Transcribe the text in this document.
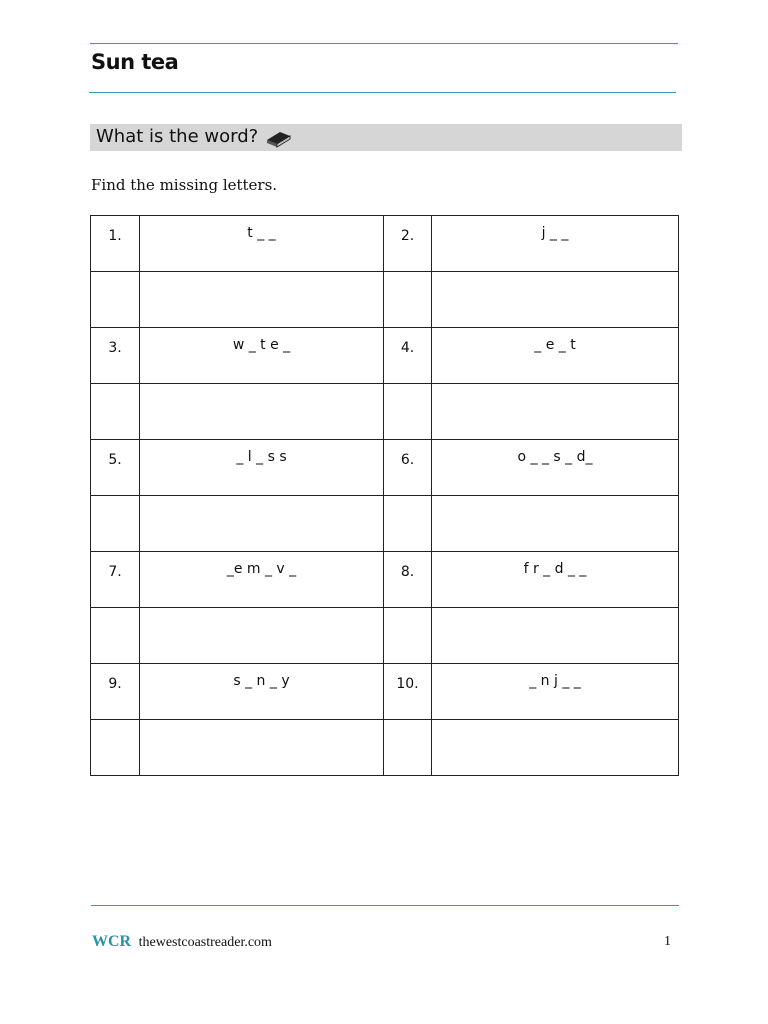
Sun tea
What is the word?
Find the missing letters.
1.	t _ _	2.	j _ _

3.	w _ t e _	4.	_ e _ t

5.	_ l _ s s	6.	o _ _ s _ d_

7.	_e m _ v _	8.	f r _ d _ _

9.	s _ n _ y	10.	_ n j _ _

WCR thewestcoastreader.com	1
